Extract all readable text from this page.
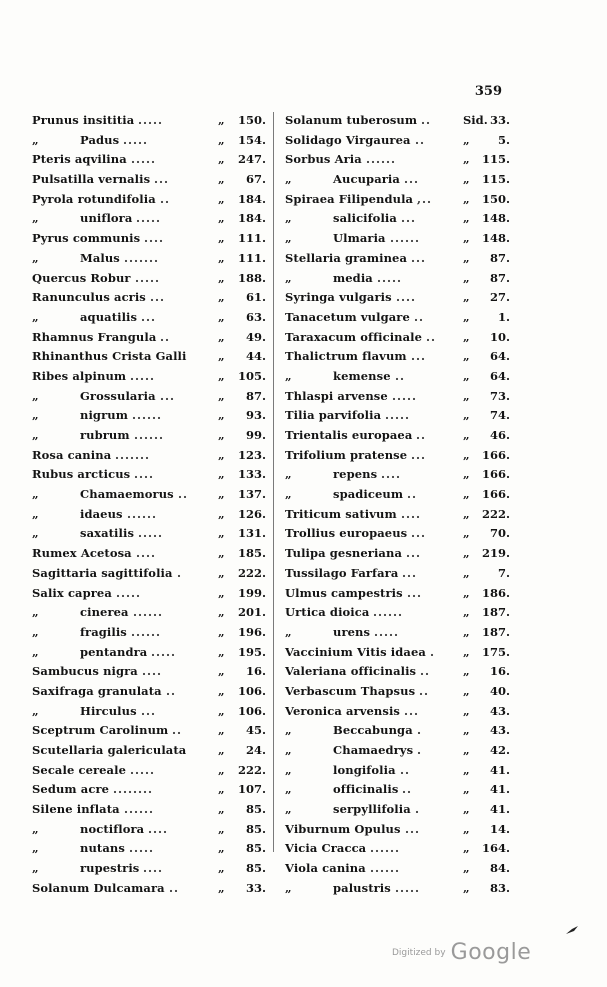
359
Prunus insititia .....	„ 150.
„	Padus .....	„ 154.
Pteris aqvilina .....	„ 247.
Pulsatilla vernalis ...	„ 67.
Pyrola rotundifolia ..	„ 184.
„	uniflora .....	„ 184.
Pyrus communis ....	„ 111.
„	Malus .......	„ 111.
Quercus Robur .....	„ 188.
Ranunculus acris ...	„ 61.
„	aquatilis ...	„ 63.
Rhamnus Frangula ..	„ 49.
Rhinanthus Crista Galli	„ 44.
Ribes alpinum .....	„ 105.
„	Grossularia ...	„ 87.
„	nigrum ......	„ 93.
„	rubrum ......	„ 99.
Rosa canina .......	„ 123.
Rubus arcticus ....	„ 133.
„	Chamaemorus ..	„ 137.
„	idaeus ......	„ 126.
„	saxatilis .....	„ 131.
Rumex Acetosa ....	„ 185.
Sagittaria sagittifolia .	„ 222.
Salix caprea .....	„ 199.
„	cinerea ......	„ 201.
„	fragilis ......	„ 196.
„	pentandra .....	„ 195.
Sambucus nigra ....	„ 16.
Saxifraga granulata ..	„ 106.
„	Hirculus ...	„ 106.
Sceptrum Carolinum ..	„ 45.
Scutellaria galericulata	„ 24.
Secale cereale .....	„ 222.
Sedum acre ........	„ 107.
Silene inflata ......	„ 85.
„	noctiflora ....	„ 85.
„	nutans .....	„ 85.
„	rupestris ....	„ 85.
Solanum Dulcamara ..	„ 33.
Solanum tuberosum ..	Sid. 33.
Solidago Virgaurea ..	„ 5.
Sorbus Aria ......	„ 115.
„	Aucuparia ...	„ 115.
Spiraea Filipendula ,..	„ 150.
„	salicifolia ...	„ 148.
„	Ulmaria ......	„ 148.
Stellaria graminea ...	„ 87.
„	media .....	„ 87.
Syringa vulgaris ....	„ 27.
Tanacetum vulgare ..	„ 1.
Taraxacum officinale .. „ 10.
Thalictrum flavum ...	„ 64.
„	kemense ..	„ 64.
Thlaspi arvense .....	„ 73.
Tilia parvifolia .....	„ 74.
Trientalis europaea ..	„ 46.
Trifolium pratense ...	„ 166.
„	repens ....	„ 166.
„	spadiceum ..	„ 166.
Triticum sativum ....	„ 222.
Trollius europaeus ...	„ 70.
Tulipa gesneriana ...	„ 219.
Tussilago Farfara ...	„ 7.
Ulmus campestris ...	„ 186.
Urtica dioica ......	„ 187.
„	urens .....	„ 187.
Vaccinium Vitis idaea . „ 175.
Valeriana officinalis ..	„ 16.
Verbascum Thapsus ..	„ 40.
Veronica arvensis ...	„ 43.
„	Beccabunga .	„ 43.
„	Chamaedrys .	„ 42.
„	longifolia ..	„ 41.
„	officinalis ..	„ 41.
„	serpyllifolia .	„ 41.
Viburnum Opulus ...	„ 14.
Vicia Cracca ......	„ 164.
Viola canina ......	„ 84.
„	palustris .....	„ 83.
Digitized by Google
